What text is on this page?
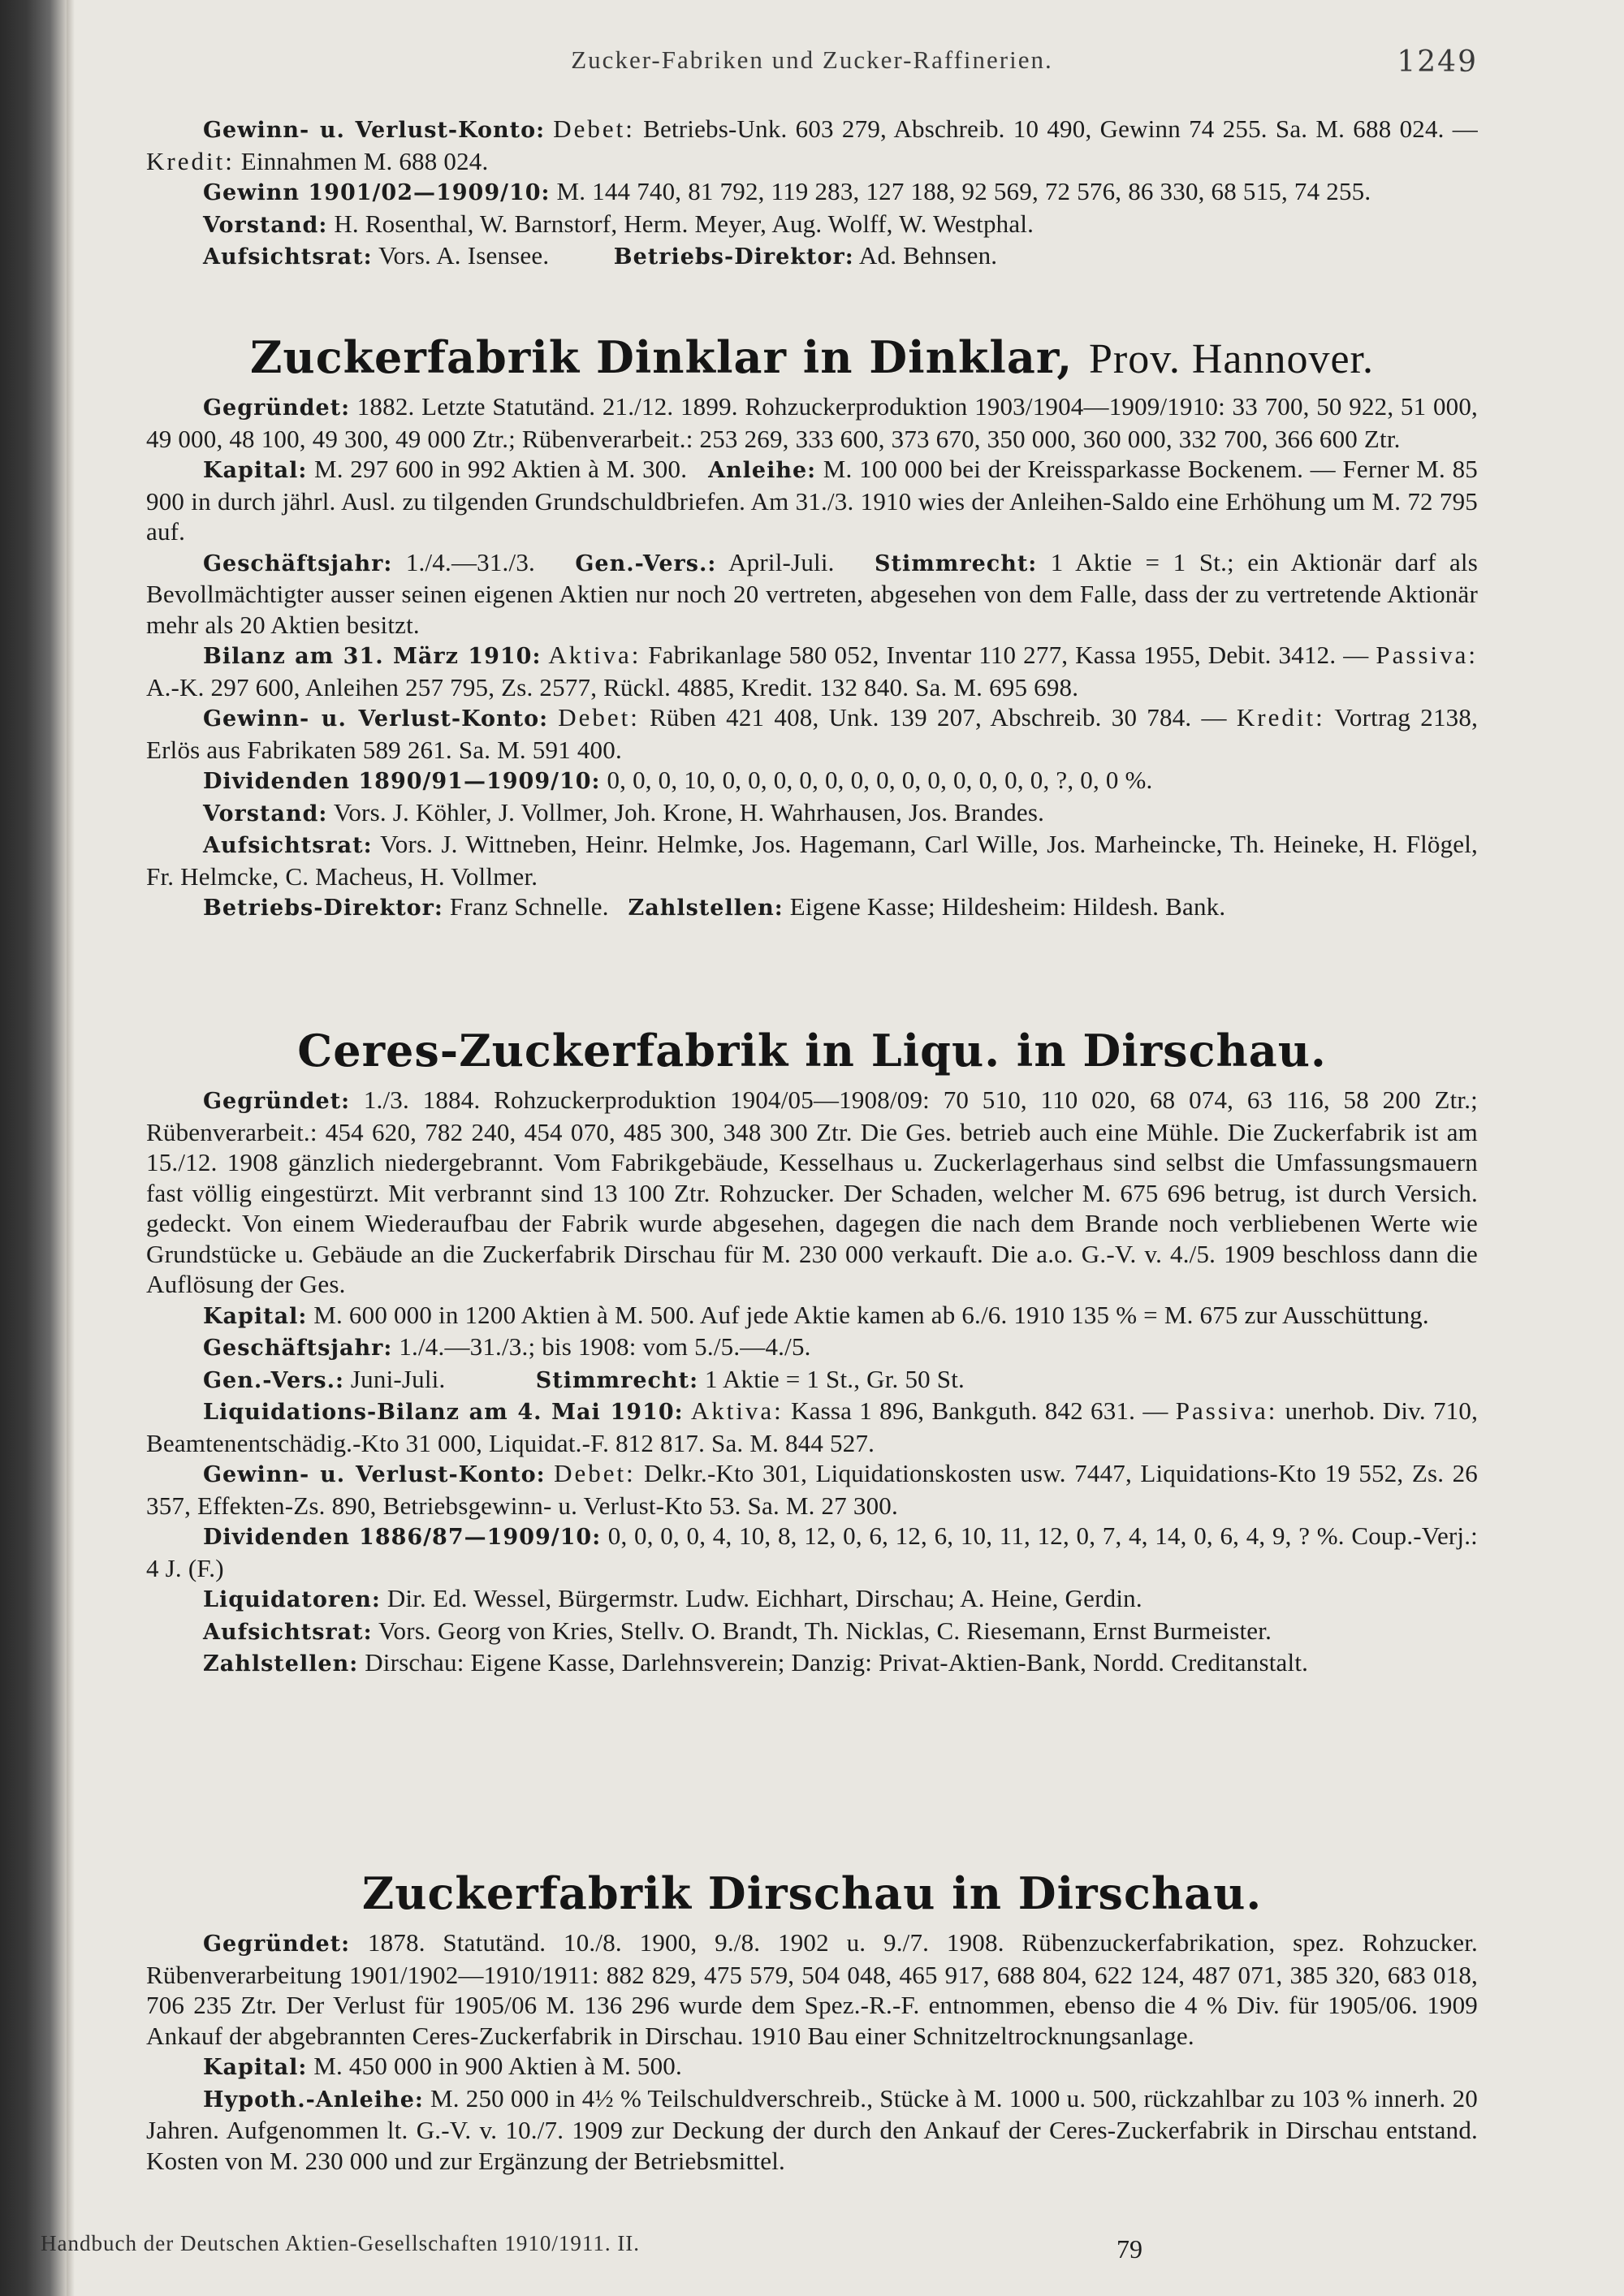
Zucker-Fabriken und Zucker-Raffinerien.	1249

Gewinn- u. Verlust-Konto: Debet: Betriebs-Unk. 603 279, Abschreib. 10 490, Gewinn 74 255. Sa. M. 688 024. — Kredit: Einnahmen M. 688 024.

Gewinn 1901/02—1909/10: M. 144 740, 81 792, 119 283, 127 188, 92 569, 72 576, 86 330, 68 515, 74 255.

Vorstand: H. Rosenthal, W. Barnstorf, Herm. Meyer, Aug. Wolff, W. Westphal.

Aufsichtsrat: Vors. A. Isensee.	Betriebs-Direktor: Ad. Behnsen.

Zuckerfabrik Dinklar in Dinklar, Prov. Hannover.

Gegründet: 1882. Letzte Statutänd. 21./12. 1899. Rohzuckerproduktion 1903/1904—1909/1910: 33 700, 50 922, 51 000, 49 000, 48 100, 49 300, 49 000 Ztr.; Rübenverarbeit.: 253 269, 333 600, 373 670, 350 000, 360 000, 332 700, 366 600 Ztr.

Kapital: M. 297 600 in 992 Aktien à M. 300. Anleihe: M. 100 000 bei der Kreissparkasse Bockenem. — Ferner M. 85 900 in durch jährl. Ausl. zu tilgenden Grundschuldbriefen. Am 31./3. 1910 wies der Anleihen-Saldo eine Erhöhung um M. 72 795 auf.

Geschäftsjahr: 1./4.—31./3. Gen.-Vers.: April-Juli. Stimmrecht: 1 Aktie = 1 St.; ein Aktionär darf als Bevollmächtigter ausser seinen eigenen Aktien nur noch 20 vertreten, abgesehen von dem Falle, dass der zu vertretende Aktionär mehr als 20 Aktien besitzt.

Bilanz am 31. März 1910: Aktiva: Fabrikanlage 580 052, Inventar 110 277, Kassa 1955, Debit. 3412. — Passiva: A.-K. 297 600, Anleihen 257 795, Zs. 2577, Rückl. 4885, Kredit. 132 840. Sa. M. 695 698.

Gewinn- u. Verlust-Konto: Debet: Rüben 421 408, Unk. 139 207, Abschreib. 30 784. — Kredit: Vortrag 2138, Erlös aus Fabrikaten 589 261. Sa. M. 591 400.

Dividenden 1890/91—1909/10: 0, 0, 0, 10, 0, 0, 0, 0, 0, 0, 0, 0, 0, 0, 0, 0, 0, ?, 0, 0 %.

Vorstand: Vors. J. Köhler, J. Vollmer, Joh. Krone, H. Wahrhausen, Jos. Brandes.

Aufsichtsrat: Vors. J. Wittneben, Heinr. Helmke, Jos. Hagemann, Carl Wille, Jos. Marheincke, Th. Heineke, H. Flögel, Fr. Helmcke, C. Macheus, H. Vollmer.

Betriebs-Direktor: Franz Schnelle. Zahlstellen: Eigene Kasse; Hildesheim: Hildesh. Bank.

Ceres-Zuckerfabrik in Liqu. in Dirschau.

Gegründet: 1./3. 1884. Rohzuckerproduktion 1904/05—1908/09: 70 510, 110 020, 68 074, 63 116, 58 200 Ztr.; Rübenverarbeit.: 454 620, 782 240, 454 070, 485 300, 348 300 Ztr. Die Ges. betrieb auch eine Mühle. Die Zuckerfabrik ist am 15./12. 1908 gänzlich niedergebrannt. Vom Fabrikgebäude, Kesselhaus u. Zuckerlagerhaus sind selbst die Umfassungsmauern fast völlig eingestürzt. Mit verbrannt sind 13 100 Ztr. Rohzucker. Der Schaden, welcher M. 675 696 betrug, ist durch Versich. gedeckt. Von einem Wiederaufbau der Fabrik wurde abgesehen, dagegen die nach dem Brande noch verbliebenen Werte wie Grundstücke u. Gebäude an die Zuckerfabrik Dirschau für M. 230 000 verkauft. Die a.o. G.-V. v. 4./5. 1909 beschloss dann die Auflösung der Ges.

Kapital: M. 600 000 in 1200 Aktien à M. 500. Auf jede Aktie kamen ab 6./6. 1910 135 % = M. 675 zur Ausschüttung.

Geschäftsjahr: 1./4.—31./3.; bis 1908: vom 5./5.—4./5.

Gen.-Vers.: Juni-Juli.	Stimmrecht: 1 Aktie = 1 St., Gr. 50 St.

Liquidations-Bilanz am 4. Mai 1910: Aktiva: Kassa 1 896, Bankguth. 842 631. — Passiva: unerhob. Div. 710, Beamtenentschädig.-Kto 31 000, Liquidat.-F. 812 817. Sa. M. 844 527.

Gewinn- u. Verlust-Konto: Debet: Delkr.-Kto 301, Liquidationskosten usw. 7447, Liquidations-Kto 19 552, Zs. 26 357, Effekten-Zs. 890, Betriebsgewinn- u. Verlust-Kto 53. Sa. M. 27 300.

Dividenden 1886/87—1909/10: 0, 0, 0, 0, 4, 10, 8, 12, 0, 6, 12, 6, 10, 11, 12, 0, 7, 4, 14, 0, 6, 4, 9, ? %. Coup.-Verj.: 4 J. (F.)

Liquidatoren: Dir. Ed. Wessel, Bürgermstr. Ludw. Eichhart, Dirschau; A. Heine, Gerdin.

Aufsichtsrat: Vors. Georg von Kries, Stellv. O. Brandt, Th. Nicklas, C. Riesemann, Ernst Burmeister.

Zahlstellen: Dirschau: Eigene Kasse, Darlehnsverein; Danzig: Privat-Aktien-Bank, Nordd. Creditanstalt.

Zuckerfabrik Dirschau in Dirschau.

Gegründet: 1878. Statutänd. 10./8. 1900, 9./8. 1902 u. 9./7. 1908. Rübenzuckerfabrikation, spez. Rohzucker. Rübenverarbeitung 1901/1902—1910/1911: 882 829, 475 579, 504 048, 465 917, 688 804, 622 124, 487 071, 385 320, 683 018, 706 235 Ztr. Der Verlust für 1905/06 M. 136 296 wurde dem Spez.-R.-F. entnommen, ebenso die 4 % Div. für 1905/06. 1909 Ankauf der abgebrannten Ceres-Zuckerfabrik in Dirschau. 1910 Bau einer Schnitzeltrocknungsanlage.

Kapital: M. 450 000 in 900 Aktien à M. 500.

Hypoth.-Anleihe: M. 250 000 in 4½ % Teilschuldverschreib., Stücke à M. 1000 u. 500, rückzahlbar zu 103 % innerh. 20 Jahren. Aufgenommen lt. G.-V. v. 10./7. 1909 zur Deckung der durch den Ankauf der Ceres-Zuckerfabrik in Dirschau entstand. Kosten von M. 230 000 und zur Ergänzung der Betriebsmittel.

Handbuch der Deutschen Aktien-Gesellschaften 1910/1911. II.	79
